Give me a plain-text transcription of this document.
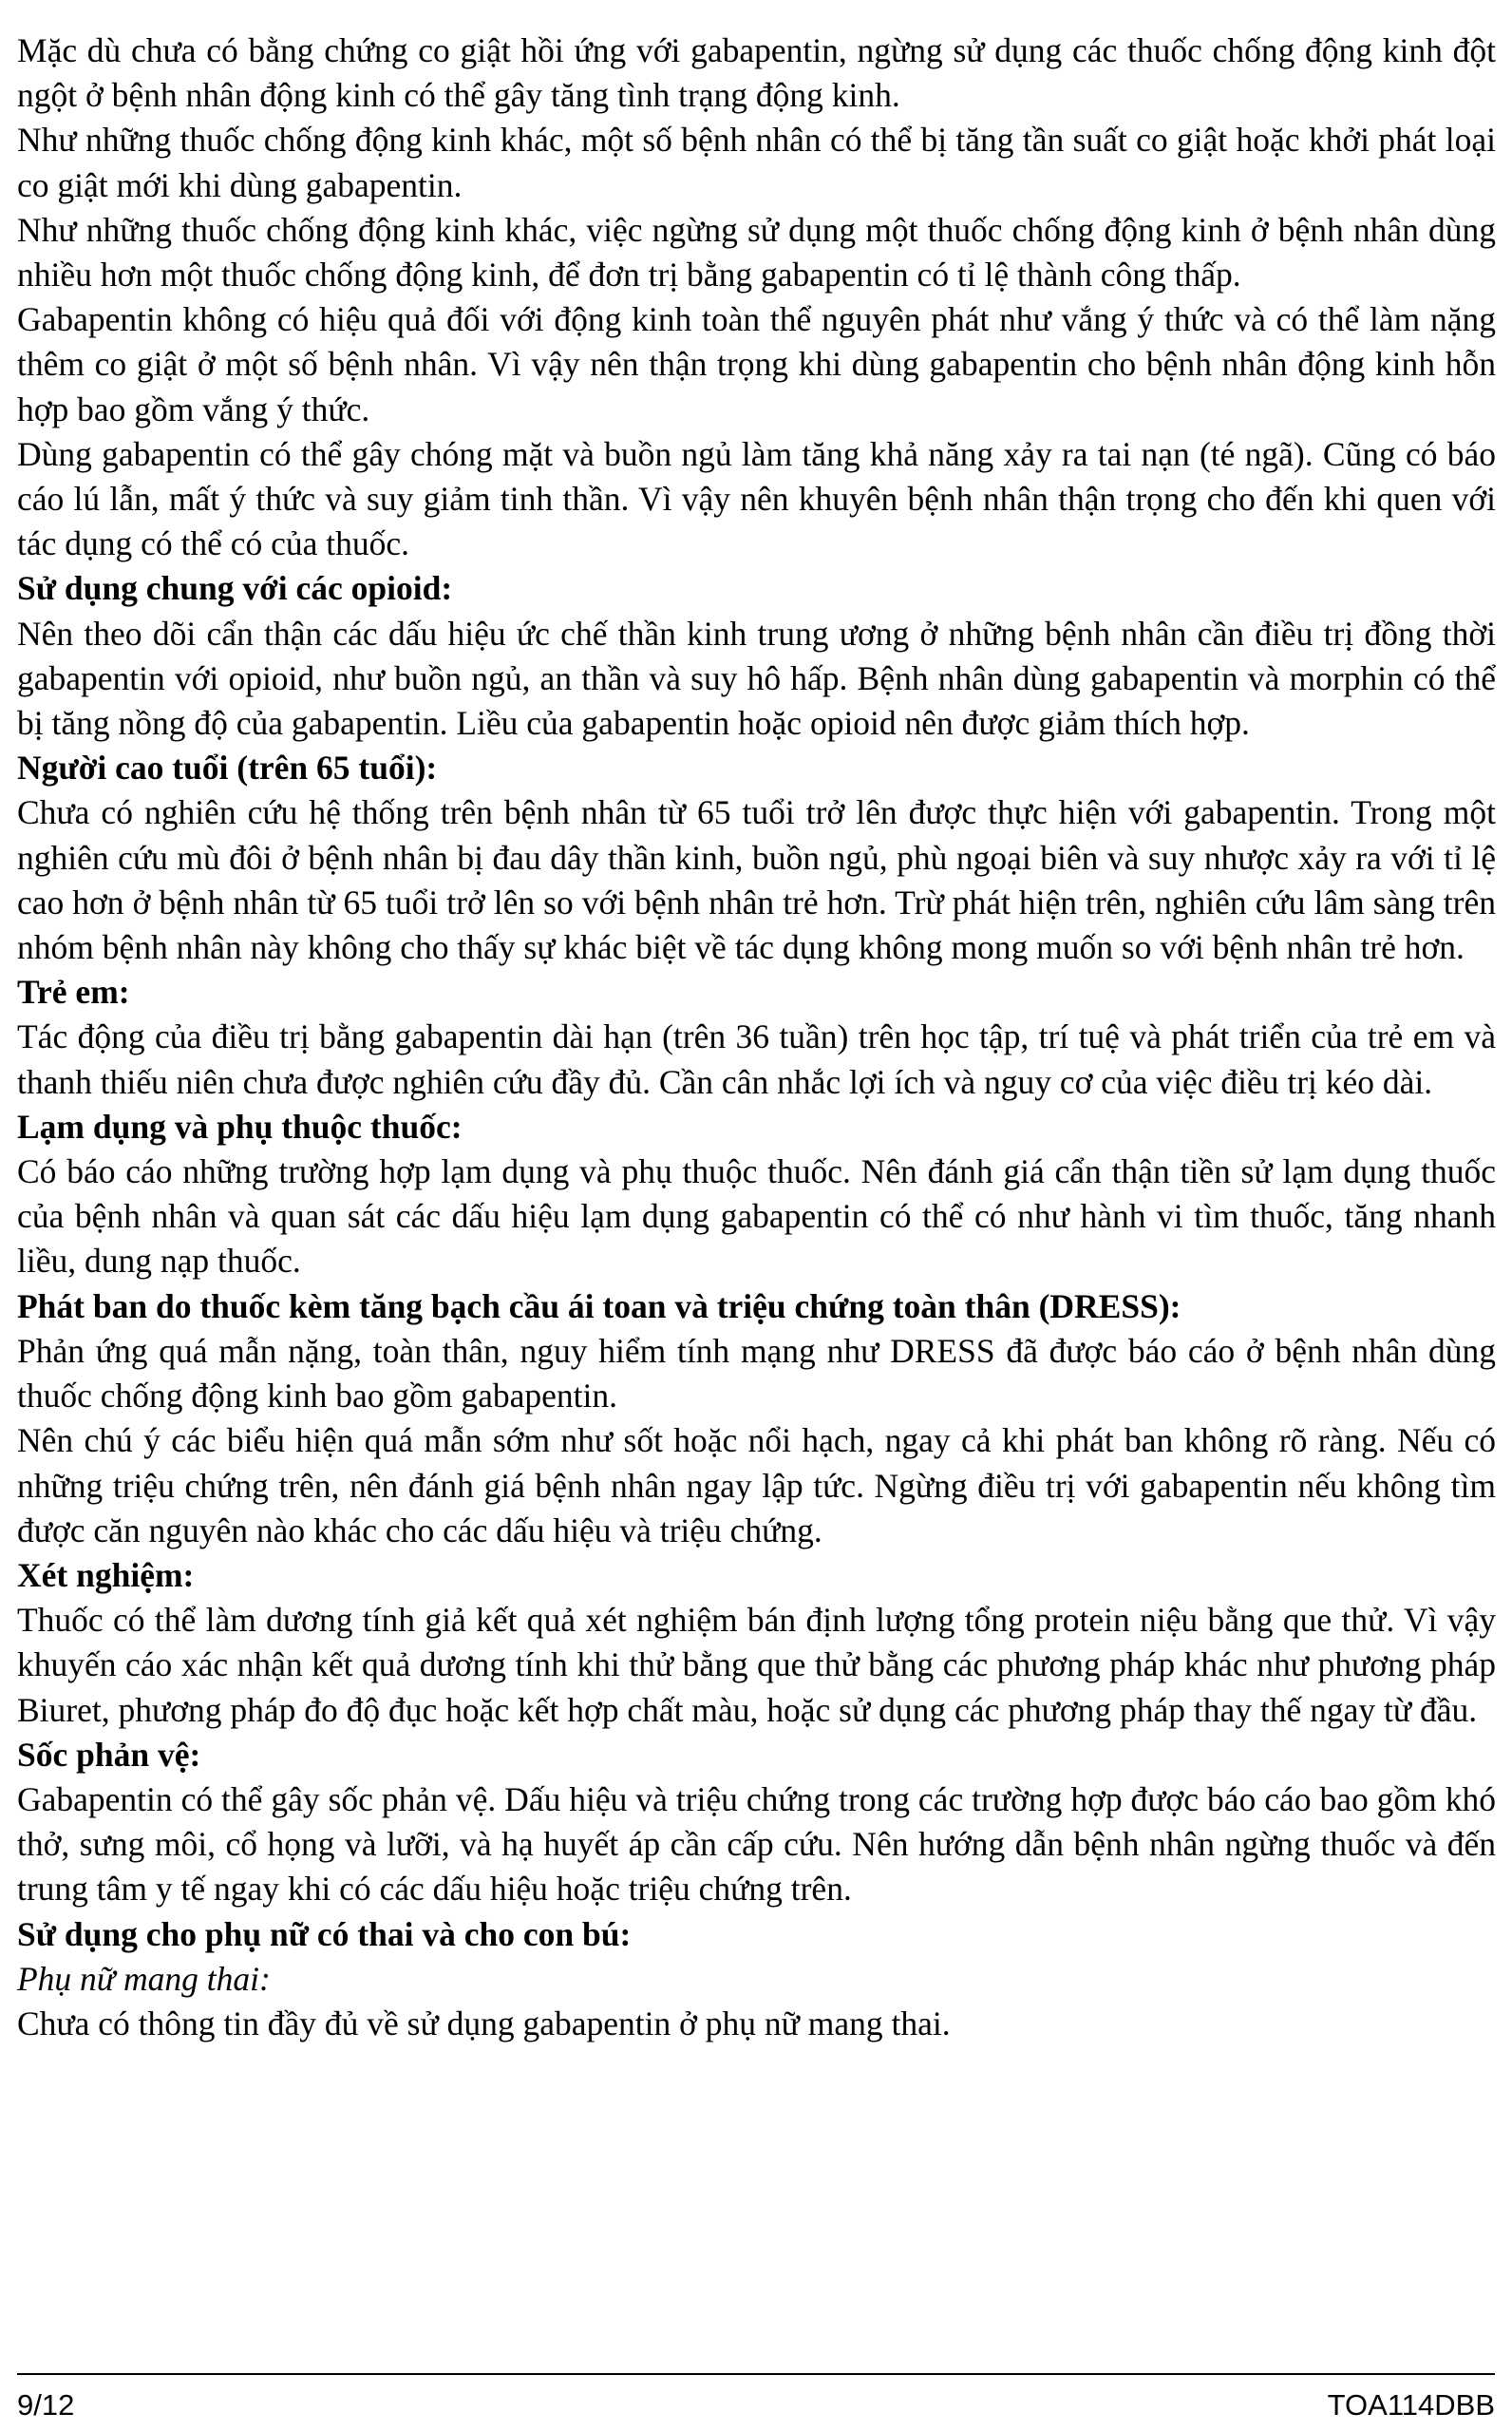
Mặc dù chưa có bằng chứng co giật hồi ứng với gabapentin, ngừng sử dụng các thuốc chống động kinh đột ngột ở bệnh nhân động kinh có thể gây tăng tình trạng động kinh.

Như những thuốc chống động kinh khác, một số bệnh nhân có thể bị tăng tần suất co giật hoặc khởi phát loại co giật mới khi dùng gabapentin.

Như những thuốc chống động kinh khác, việc ngừng sử dụng một thuốc chống động kinh ở bệnh nhân dùng nhiều hơn một thuốc chống động kinh, để đơn trị bằng gabapentin có tỉ lệ thành công thấp.

Gabapentin không có hiệu quả đối với động kinh toàn thể nguyên phát như vắng ý thức và có thể làm nặng thêm co giật ở một số bệnh nhân. Vì vậy nên thận trọng khi dùng gabapentin cho bệnh nhân động kinh hỗn hợp bao gồm vắng ý thức.

Dùng gabapentin có thể gây chóng mặt và buồn ngủ làm tăng khả năng xảy ra tai nạn (té ngã). Cũng có báo cáo lú lẫn, mất ý thức và suy giảm tinh thần. Vì vậy nên khuyên bệnh nhân thận trọng cho đến khi quen với tác dụng có thể có của thuốc.

Sử dụng chung với các opioid:

Nên theo dõi cẩn thận các dấu hiệu ức chế thần kinh trung ương ở những bệnh nhân cần điều trị đồng thời gabapentin với opioid, như buồn ngủ, an thần và suy hô hấp. Bệnh nhân dùng gabapentin và morphin có thể bị tăng nồng độ của gabapentin. Liều của gabapentin hoặc opioid nên được giảm thích hợp.

Người cao tuổi (trên 65 tuổi):

Chưa có nghiên cứu hệ thống trên bệnh nhân từ 65 tuổi trở lên được thực hiện với gabapentin. Trong một nghiên cứu mù đôi ở bệnh nhân bị đau dây thần kinh, buồn ngủ, phù ngoại biên và suy nhược xảy ra với tỉ lệ cao hơn ở bệnh nhân từ 65 tuổi trở lên so với bệnh nhân trẻ hơn. Trừ phát hiện trên, nghiên cứu lâm sàng trên nhóm bệnh nhân này không cho thấy sự khác biệt về tác dụng không mong muốn so với bệnh nhân trẻ hơn.

Trẻ em:

Tác động của điều trị bằng gabapentin dài hạn (trên 36 tuần) trên học tập, trí tuệ và phát triển của trẻ em và thanh thiếu niên chưa được nghiên cứu đầy đủ. Cần cân nhắc lợi ích và nguy cơ của việc điều trị kéo dài.

Lạm dụng và phụ thuộc thuốc:

Có báo cáo những trường hợp lạm dụng và phụ thuộc thuốc. Nên đánh giá cẩn thận tiền sử lạm dụng thuốc của bệnh nhân và quan sát các dấu hiệu lạm dụng gabapentin có thể có như hành vi tìm thuốc, tăng nhanh liều, dung nạp thuốc.

Phát ban do thuốc kèm tăng bạch cầu ái toan và triệu chứng toàn thân (DRESS):

Phản ứng quá mẫn nặng, toàn thân, nguy hiểm tính mạng như DRESS đã được báo cáo ở bệnh nhân dùng thuốc chống động kinh bao gồm gabapentin.

Nên chú ý các biểu hiện quá mẫn sớm như sốt hoặc nổi hạch, ngay cả khi phát ban không rõ ràng. Nếu có những triệu chứng trên, nên đánh giá bệnh nhân ngay lập tức. Ngừng điều trị với gabapentin nếu không tìm được căn nguyên nào khác cho các dấu hiệu và triệu chứng.

Xét nghiệm:

Thuốc có thể làm dương tính giả kết quả xét nghiệm bán định lượng tổng protein niệu bằng que thử. Vì vậy khuyến cáo xác nhận kết quả dương tính khi thử bằng que thử bằng các phương pháp khác như phương pháp Biuret, phương pháp đo độ đục hoặc kết hợp chất màu, hoặc sử dụng các phương pháp thay thế ngay từ đầu.

Sốc phản vệ:

Gabapentin có thể gây sốc phản vệ. Dấu hiệu và triệu chứng trong các trường hợp được báo cáo bao gồm khó thở, sưng môi, cổ họng và lưỡi, và hạ huyết áp cần cấp cứu. Nên hướng dẫn bệnh nhân ngừng thuốc và đến trung tâm y tế ngay khi có các dấu hiệu hoặc triệu chứng trên.

Sử dụng cho phụ nữ có thai và cho con bú:

Phụ nữ mang thai:

Chưa có thông tin đầy đủ về sử dụng gabapentin ở phụ nữ mang thai.

9/12	TOA114DBB
